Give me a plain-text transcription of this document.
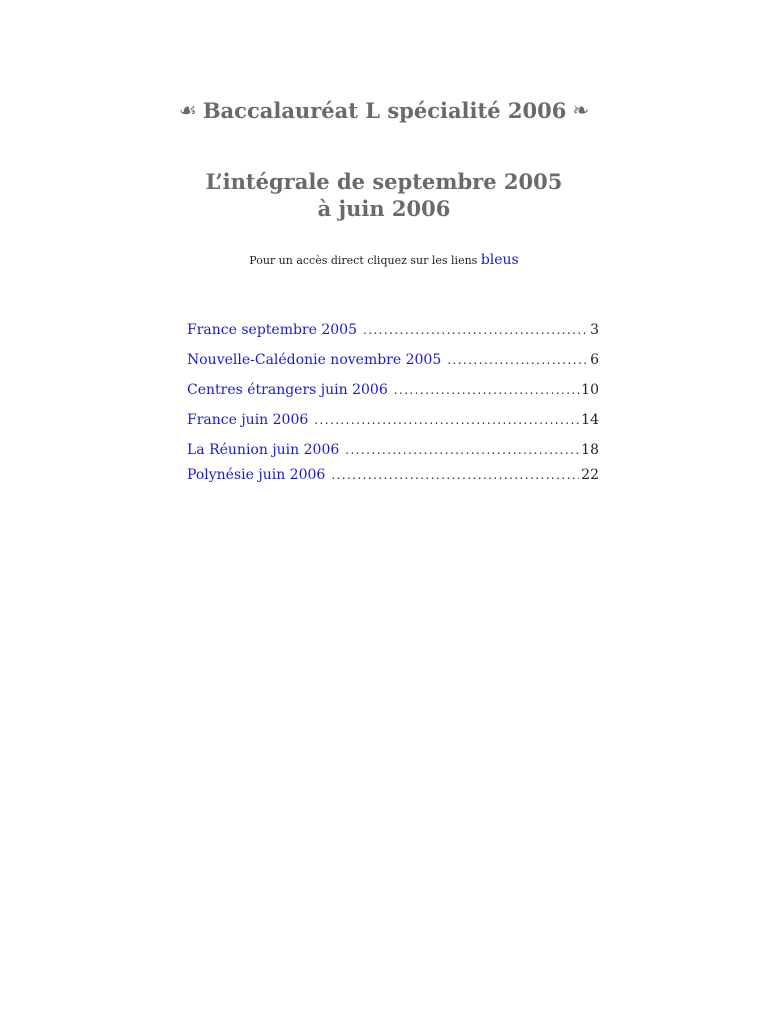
☙ Baccalauréat L spécialité 2006 ❧
L’intégrale de septembre 2005
à juin 2006
Pour un accès direct cliquez sur les liens bleus
France septembre 2005 . . .	3
Nouvelle-Calédonie novembre 2005 . . .	6
Centres étrangers juin 2006 . . .	10
France juin 2006 . . .	14
La Réunion juin 2006 . . .	18
Polynésie juin 2006 . . .	22
